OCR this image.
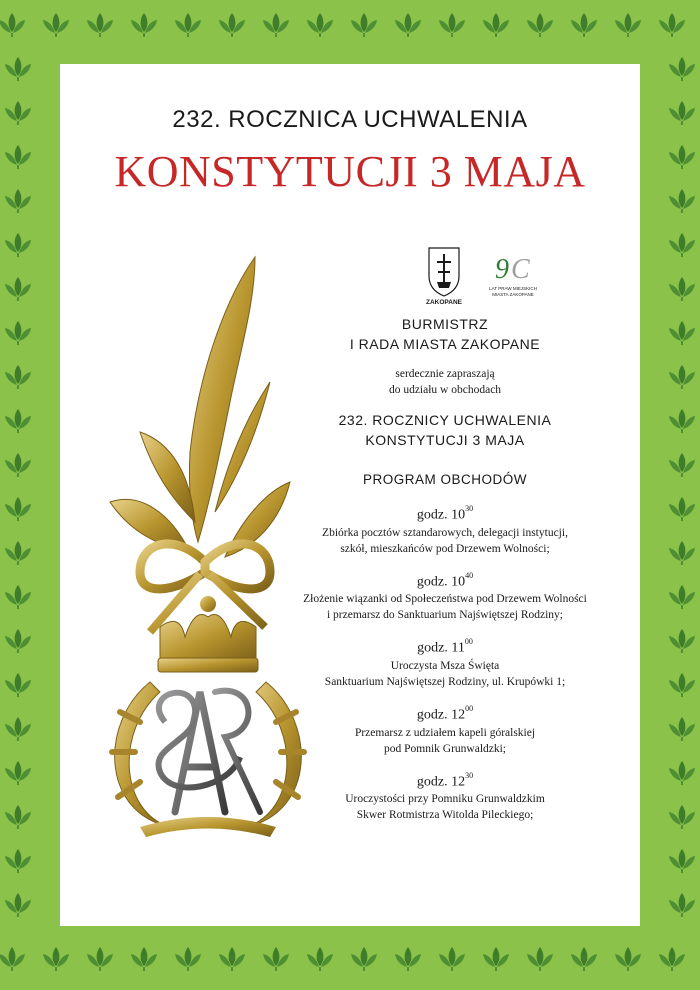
232. ROCZNICA UCHWALENIA
KONSTYTUCJI 3 MAJA
ZAKOPANE
9 C
LAT PRAW MIEJSKICH
MIASTA ZAKOPANE
BURMISTRZ
I RADA MIASTA ZAKOPANE
serdecznie zapraszają
do udziału w obchodach
232. ROCZNICY UCHWALENIA
KONSTYTUCJI 3 MAJA
PROGRAM OBCHODÓW
godz. $10^{30}$
Zbiórka pocztów sztandarowych, delegacji instytucji,
szkół, mieszkańców pod Drzewem Wolności;
godz. $10^{40}$
Złożenie wiązanki od Społeczeństwa pod Drzewem Wolności
i przemarsz do Sanktuarium Najświętszej Rodziny;
godz. $11^{00}$
Uroczysta Msza Święta
Sanktuarium Najświętszej Rodziny, ul. Krupówki 1;
godz. $12^{00}$
Przemarsz z udziałem kapeli góralskiej
pod Pomnik Grunwaldzki;
godz. $12^{30}$
Uroczystości przy Pomniku Grunwaldzkim
Skwer Rotmistrza Witolda Pileckiego;
